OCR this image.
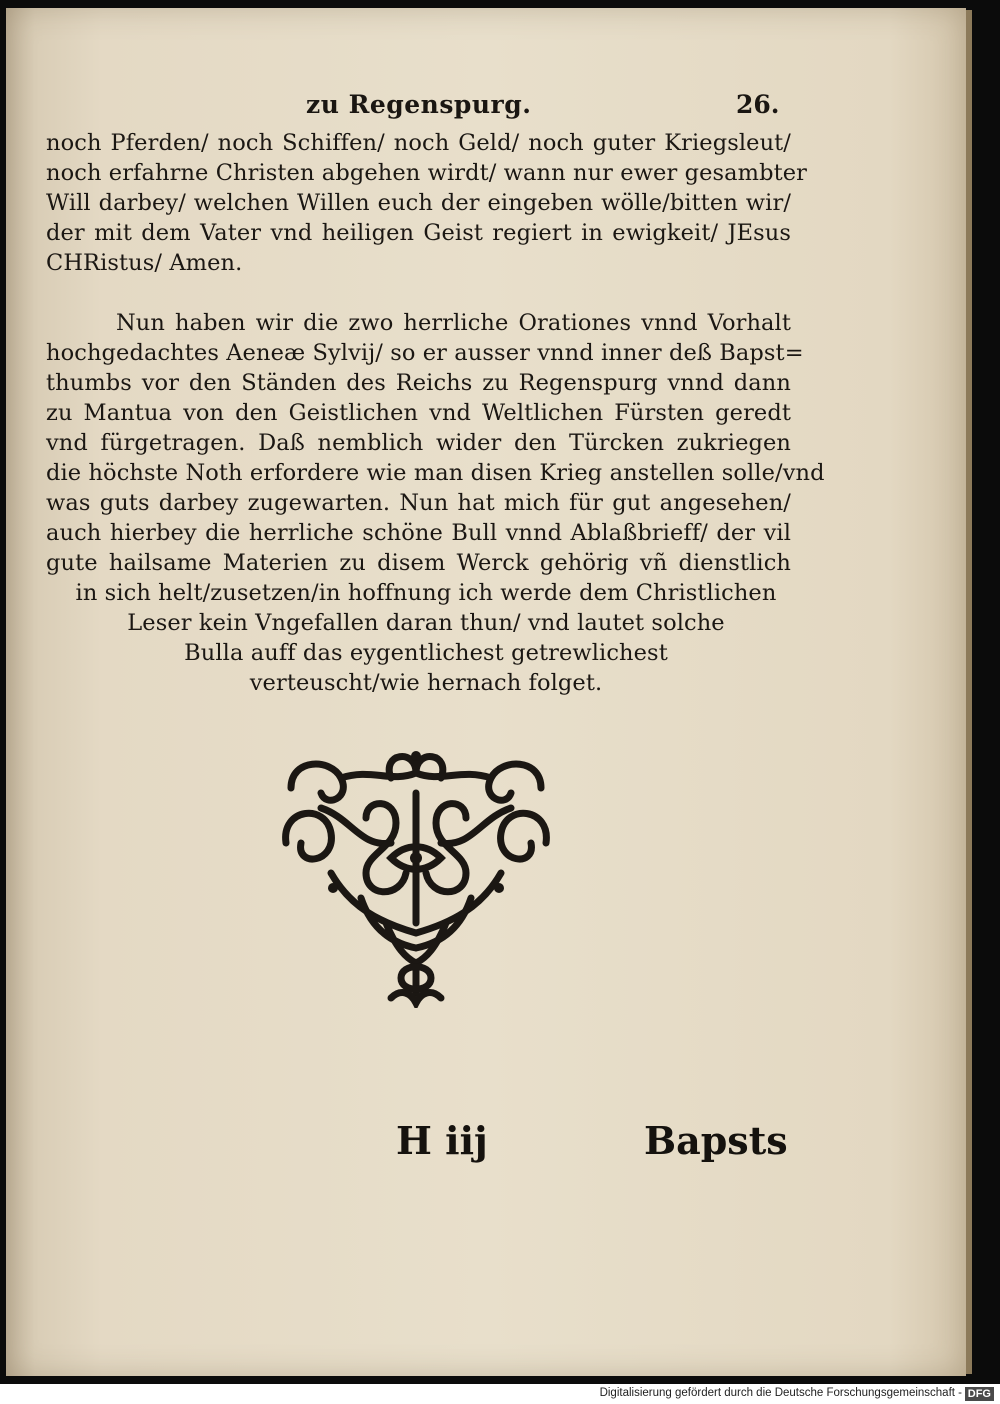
zu Regenspurg.	26.
noch Pferden/ noch Schiffen/ noch Geld/ noch guter Kriegsleut/
noch erfahrne Christen abgehen wirdt/ wann nur ewer gesambter
Will darbey/ welchen Willen euch der eingeben wölle/bitten wir/
der mit dem Vater vnd heiligen Geist regiert in ewigkeit/ JEsus
CHRistus/ Amen.
Nun haben wir die zwo herrliche Orationes vnnd Vorhalt
hochgedachtes Aeneæ Sylvij/ so er ausser vnnd inner deß Bapst=
thumbs vor den Ständen des Reichs zu Regenspurg vnnd dann
zu Mantua von den Geistlichen vnd Weltlichen Fürsten geredt
vnd fürgetragen. Daß nemblich wider den Türcken zukriegen
die höchste Noth erfordere wie man disen Krieg anstellen solle/vnd
was guts darbey zugewarten. Nun hat mich für gut angesehen/
auch hierbey die herrliche schöne Bull vnnd Ablaßbrieff/ der vil
gute hailsame Materien zu disem Werck gehörig vñ dienstlich
in sich helt/zusetzen/in hoffnung ich werde dem Christlichen
Leser kein Vngefallen daran thun/ vnd lautet solche
Bulla auff das eygentlichest getrewlichest
verteuscht/wie hernach folget.
H iij	Bapsts
Digitalisierung gefördert durch die Deutsche Forschungsgemeinschaft - DFG
